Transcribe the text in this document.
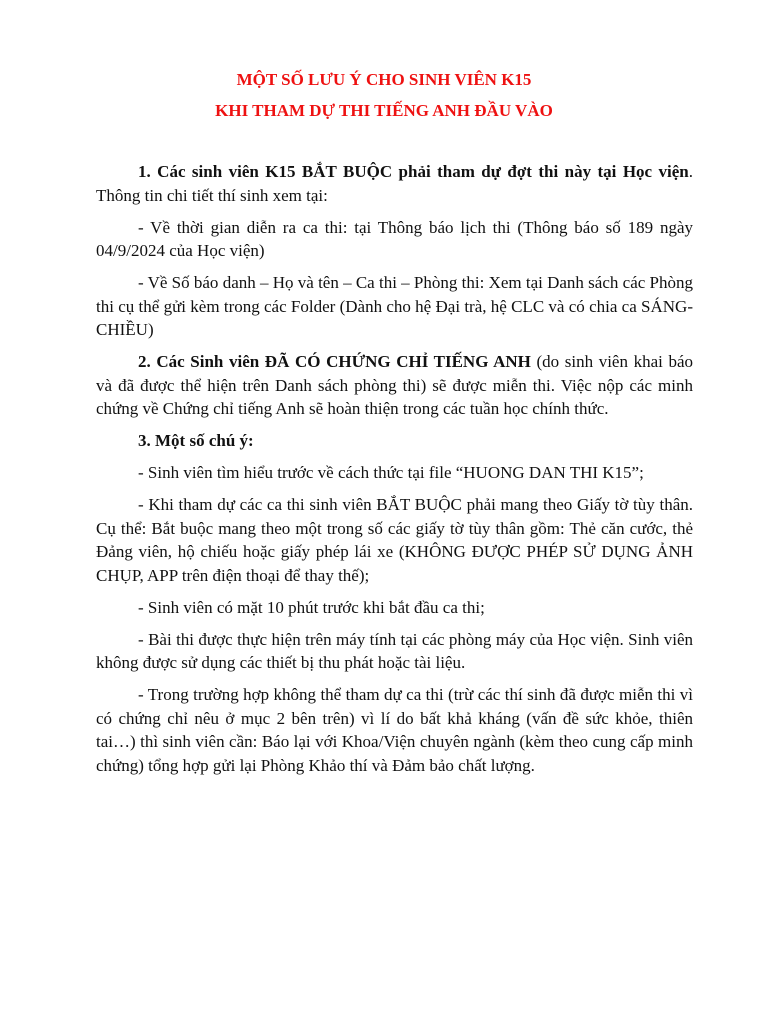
MỘT SỐ LƯU Ý CHO SINH VIÊN K15
KHI THAM DỰ THI TIẾNG ANH ĐẦU VÀO

1. Các sinh viên K15 BẮT BUỘC phải tham dự đợt thi này tại Học viện. Thông tin chi tiết thí sinh xem tại:

- Về thời gian diễn ra ca thi: tại Thông báo lịch thi (Thông báo số 189 ngày 04/9/2024 của Học viện)

- Về Số báo danh – Họ và tên – Ca thi – Phòng thi: Xem tại Danh sách các Phòng thi cụ thể gửi kèm trong các Folder (Dành cho hệ Đại trà, hệ CLC và có chia ca SÁNG-CHIỀU)

2. Các Sinh viên ĐÃ CÓ CHỨNG CHỈ TIẾNG ANH (do sinh viên khai báo và đã được thể hiện trên Danh sách phòng thi) sẽ được miễn thi. Việc nộp các minh chứng về Chứng chỉ tiếng Anh sẽ hoàn thiện trong các tuần học chính thức.

3. Một số chú ý:

- Sinh viên tìm hiểu trước về cách thức tại file “HUONG DAN THI K15”;

- Khi tham dự các ca thi sinh viên BẮT BUỘC phải mang theo Giấy tờ tùy thân. Cụ thể: Bắt buộc mang theo một trong số các giấy tờ tùy thân gồm: Thẻ căn cước, thẻ Đảng viên, hộ chiếu hoặc giấy phép lái xe (KHÔNG ĐƯỢC PHÉP SỬ DỤNG ẢNH CHỤP, APP trên điện thoại để thay thế);

- Sinh viên có mặt 10 phút trước khi bắt đầu ca thi;

- Bài thi được thực hiện trên máy tính tại các phòng máy của Học viện. Sinh viên không được sử dụng các thiết bị thu phát hoặc tài liệu.

- Trong trường hợp không thể tham dự ca thi (trừ các thí sinh đã được miễn thi vì có chứng chỉ nêu ở mục 2 bên trên) vì lí do bất khả kháng (vấn đề sức khỏe, thiên tai…) thì sinh viên cần: Báo lại với Khoa/Viện chuyên ngành (kèm theo cung cấp minh chứng) tổng hợp gửi lại Phòng Khảo thí và Đảm bảo chất lượng.
